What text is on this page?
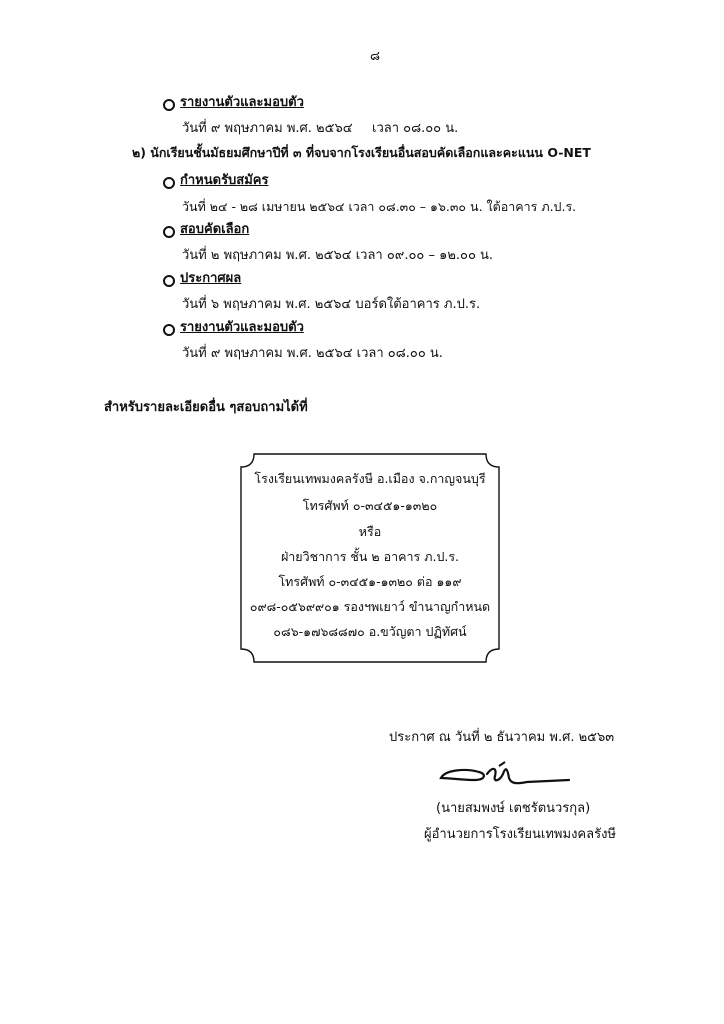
๘
รายงานตัวและมอบตัว
วันที่ ๙ พฤษภาคม พ.ศ. ๒๕๖๔ เวลา ๐๘.๐๐ น.
๒) นักเรียนชั้นมัธยมศึกษาปีที่ ๓ ที่จบจากโรงเรียนอื่นสอบคัดเลือกและคะแนน O-NET
กำหนดรับสมัคร
วันที่ ๒๔ - ๒๘ เมษายน ๒๕๖๔ เวลา ๐๘.๓๐ – ๑๖.๓๐ น. ใต้อาคาร ภ.ป.ร.
สอบคัดเลือก
วันที่ ๒ พฤษภาคม พ.ศ. ๒๕๖๔ เวลา ๐๙.๐๐ – ๑๒.๐๐ น.
ประกาศผล
วันที่ ๖ พฤษภาคม พ.ศ. ๒๕๖๔ บอร์ดใต้อาคาร ภ.ป.ร.
รายงานตัวและมอบตัว
วันที่ ๙ พฤษภาคม พ.ศ. ๒๕๖๔ เวลา ๐๘.๐๐ น.
สำหรับรายละเอียดอื่น ๆสอบถามได้ที่
โรงเรียนเทพมงคลรังษี อ.เมือง จ.กาญจนบุรี
โทรศัพท์ ๐-๓๔๕๑-๑๓๒๐
หรือ
ฝ่ายวิชาการ ชั้น ๒ อาคาร ภ.ป.ร.
โทรศัพท์ ๐-๓๔๕๑-๑๓๒๐ ต่อ ๑๑๙
๐๙๘-๐๕๖๙๙๐๑ รองฯพเยาว์ ขำนาญกำหนด
๐๘๖-๑๗๖๘๘๗๐ อ.ขวัญตา ปฏิทัศน์
ประกาศ ณ วันที่ ๒ ธันวาคม พ.ศ. ๒๕๖๓
(นายสมพงษ์ เตชรัตนวรกุล)
ผู้อำนวยการโรงเรียนเทพมงคลรังษี
